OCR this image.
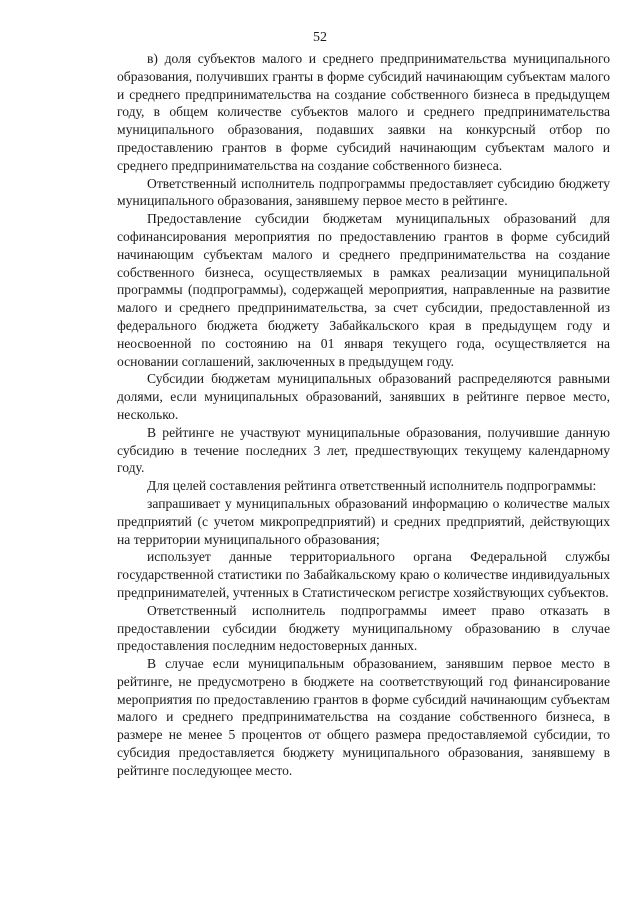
52

в) доля субъектов малого и среднего предпринимательства муниципального образования, получивших гранты в форме субсидий начинающим субъектам малого и среднего предпринимательства на создание собственного бизнеса в предыдущем году, в общем количестве субъектов малого и среднего предпринимательства муниципального образования, подавших заявки на конкурсный отбор по предоставлению грантов в форме субсидий начинающим субъектам малого и среднего предпринимательства на создание собственного бизнеса.

Ответственный исполнитель подпрограммы предоставляет субсидию бюджету муниципального образования, занявшему первое место в рейтинге.

Предоставление субсидии бюджетам муниципальных образований для софинансирования мероприятия по предоставлению грантов в форме субсидий начинающим субъектам малого и среднего предпринимательства на создание собственного бизнеса, осуществляемых в рамках реализации муниципальной программы (подпрограммы), содержащей мероприятия, направленные на развитие малого и среднего предпринимательства, за счет субсидии, предоставленной из федерального бюджета бюджету Забайкальского края в предыдущем году и неосвоенной по состоянию на 01 января текущего года, осуществляется на основании соглашений, заключенных в предыдущем году.

Субсидии бюджетам муниципальных образований распределяются равными долями, если муниципальных образований, занявших в рейтинге первое место, несколько.

В рейтинге не участвуют муниципальные образования, получившие данную субсидию в течение последних 3 лет, предшествующих текущему календарному году.

Для целей составления рейтинга ответственный исполнитель подпрограммы:

запрашивает у муниципальных образований информацию о количестве малых предприятий (с учетом микропредприятий) и средних предприятий, действующих на территории муниципального образования;

использует данные территориального органа Федеральной службы государственной статистики по Забайкальскому краю о количестве индивидуальных предпринимателей, учтенных в Статистическом регистре хозяйствующих субъектов.

Ответственный исполнитель подпрограммы имеет право отказать в предоставлении субсидии бюджету муниципальному образованию в случае предоставления последним недостоверных данных.

В случае если муниципальным образованием, занявшим первое место в рейтинге, не предусмотрено в бюджете на соответствующий год финансирование мероприятия по предоставлению грантов в форме субсидий начинающим субъектам малого и среднего предпринимательства на создание собственного бизнеса, в размере не менее 5 процентов от общего размера предоставляемой субсидии, то субсидия предоставляется бюджету муниципального образования, занявшему в рейтинге последующее место.
